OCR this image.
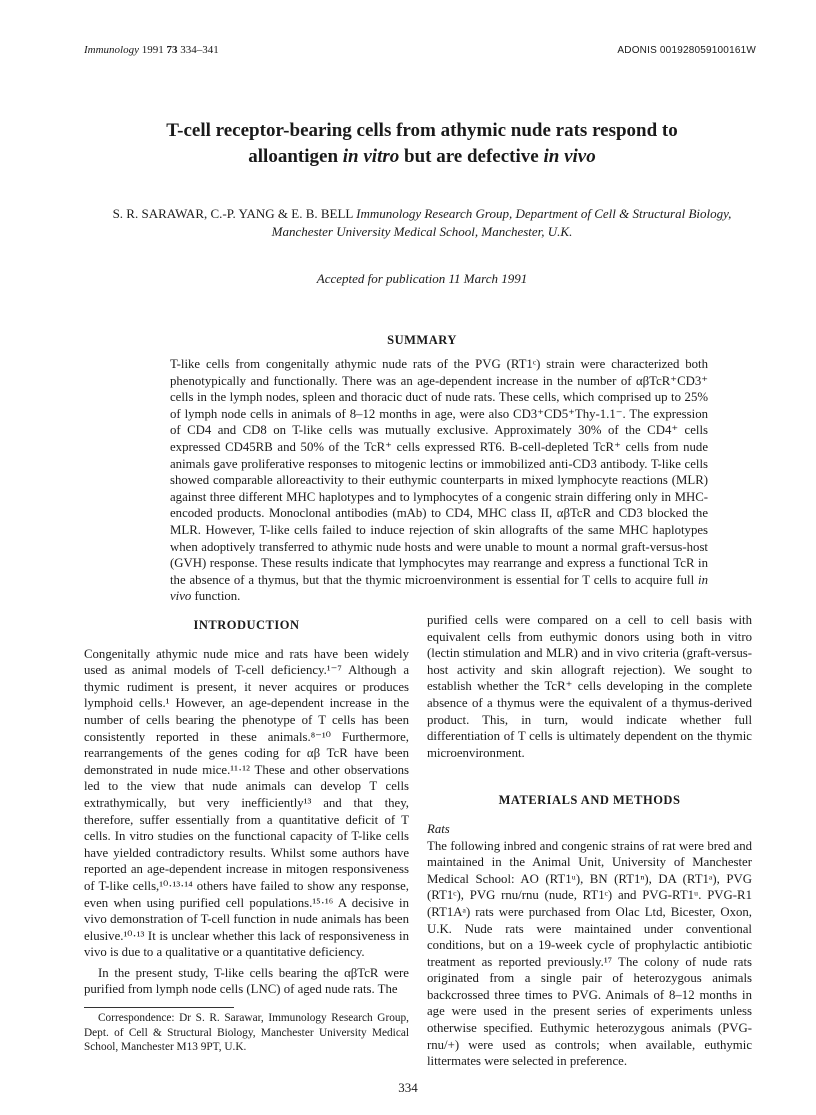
Immunology 1991 73 334–341	ADONIS 001928059100161W
T-cell receptor-bearing cells from athymic nude rats respond to
alloantigen in vitro but are defective in vivo
S. R. SARAWAR, C.-P. YANG & E. B. BELL Immunology Research Group, Department of Cell & Structural Biology,
Manchester University Medical School, Manchester, U.K.
Accepted for publication 11 March 1991
SUMMARY
T-like cells from congenitally athymic nude rats of the PVG (RT1ᶜ) strain were characterized both phenotypically and functionally. There was an age-dependent increase in the number of αβTcR⁺CD3⁺ cells in the lymph nodes, spleen and thoracic duct of nude rats. These cells, which comprised up to 25% of lymph node cells in animals of 8–12 months in age, were also CD3⁺CD5⁺Thy-1.1⁻. The expression of CD4 and CD8 on T-like cells was mutually exclusive. Approximately 30% of the CD4⁺ cells expressed CD45RB and 50% of the TcR⁺ cells expressed RT6. B-cell-depleted TcR⁺ cells from nude animals gave proliferative responses to mitogenic lectins or immobilized anti-CD3 antibody. T-like cells showed comparable alloreactivity to their euthymic counterparts in mixed lymphocyte reactions (MLR) against three different MHC haplotypes and to lymphocytes of a congenic strain differing only in MHC-encoded products. Monoclonal antibodies (mAb) to CD4, MHC class II, αβTcR and CD3 blocked the MLR. However, T-like cells failed to induce rejection of skin allografts of the same MHC haplotypes when adoptively transferred to athymic nude hosts and were unable to mount a normal graft-versus-host (GVH) response. These results indicate that lymphocytes may rearrange and express a functional TcR in the absence of a thymus, but that the thymic microenvironment is essential for T cells to acquire full in vivo function.
INTRODUCTION

Congenitally athymic nude mice and rats have been widely used as animal models of T-cell deficiency.¹⁻⁷ Although a thymic rudiment is present, it never acquires or produces lymphoid cells.¹ However, an age-dependent increase in the number of cells bearing the phenotype of T cells has been consistently reported in these animals.⁸⁻¹⁰ Furthermore, rearrangements of the genes coding for αβ TcR have been demonstrated in nude mice.¹¹·¹² These and other observations led to the view that nude animals can develop T cells extrathymically, but very inefficiently¹³ and that they, therefore, suffer essentially from a quantitative deficit of T cells. In vitro studies on the functional capacity of T-like cells have yielded contradictory results. Whilst some authors have reported an age-dependent increase in mitogen responsiveness of T-like cells,¹⁰·¹³·¹⁴ others have failed to show any response, even when using purified cell populations.¹⁵·¹⁶ A decisive in vivo demonstration of T-cell function in nude animals has been elusive.¹⁰·¹³ It is unclear whether this lack of responsiveness in vivo is due to a qualitative or a quantitative deficiency.

In the present study, T-like cells bearing the αβTcR were purified from lymph node cells (LNC) of aged nude rats. The

purified cells were compared on a cell to cell basis with equivalent cells from euthymic donors using both in vitro (lectin stimulation and MLR) and in vivo criteria (graft-versus-host activity and skin allograft rejection). We sought to establish whether the TcR⁺ cells developing in the complete absence of a thymus were the equivalent of a thymus-derived product. This, in turn, would indicate whether full differentiation of T cells is ultimately dependent on the thymic microenvironment.

MATERIALS AND METHODS
Rats

The following inbred and congenic strains of rat were bred and maintained in the Animal Unit, University of Manchester Medical School: AO (RT1ᵘ), BN (RT1ⁿ), DA (RT1ᵃ), PVG (RT1ᶜ), PVG rnu/rnu (nude, RT1ᶜ) and PVG-RT1ᵘ. PVG-R1 (RT1Aᵃ) rats were purchased from Olac Ltd, Bicester, Oxon, U.K. Nude rats were maintained under conventional conditions, but on a 19-week cycle of prophylactic antibiotic treatment as reported previously.¹⁷ The colony of nude rats originated from a single pair of heterozygous animals backcrossed three times to PVG. Animals of 8–12 months in age were used in the present series of experiments unless otherwise specified. Euthymic heterozygous animals (PVG-rnu/+) were used as controls; when available, euthymic littermates were selected in preference.

Correspondence: Dr S. R. Sarawar, Immunology Research Group, Dept. of Cell & Structural Biology, Manchester University Medical School, Manchester M13 9PT, U.K.
334
